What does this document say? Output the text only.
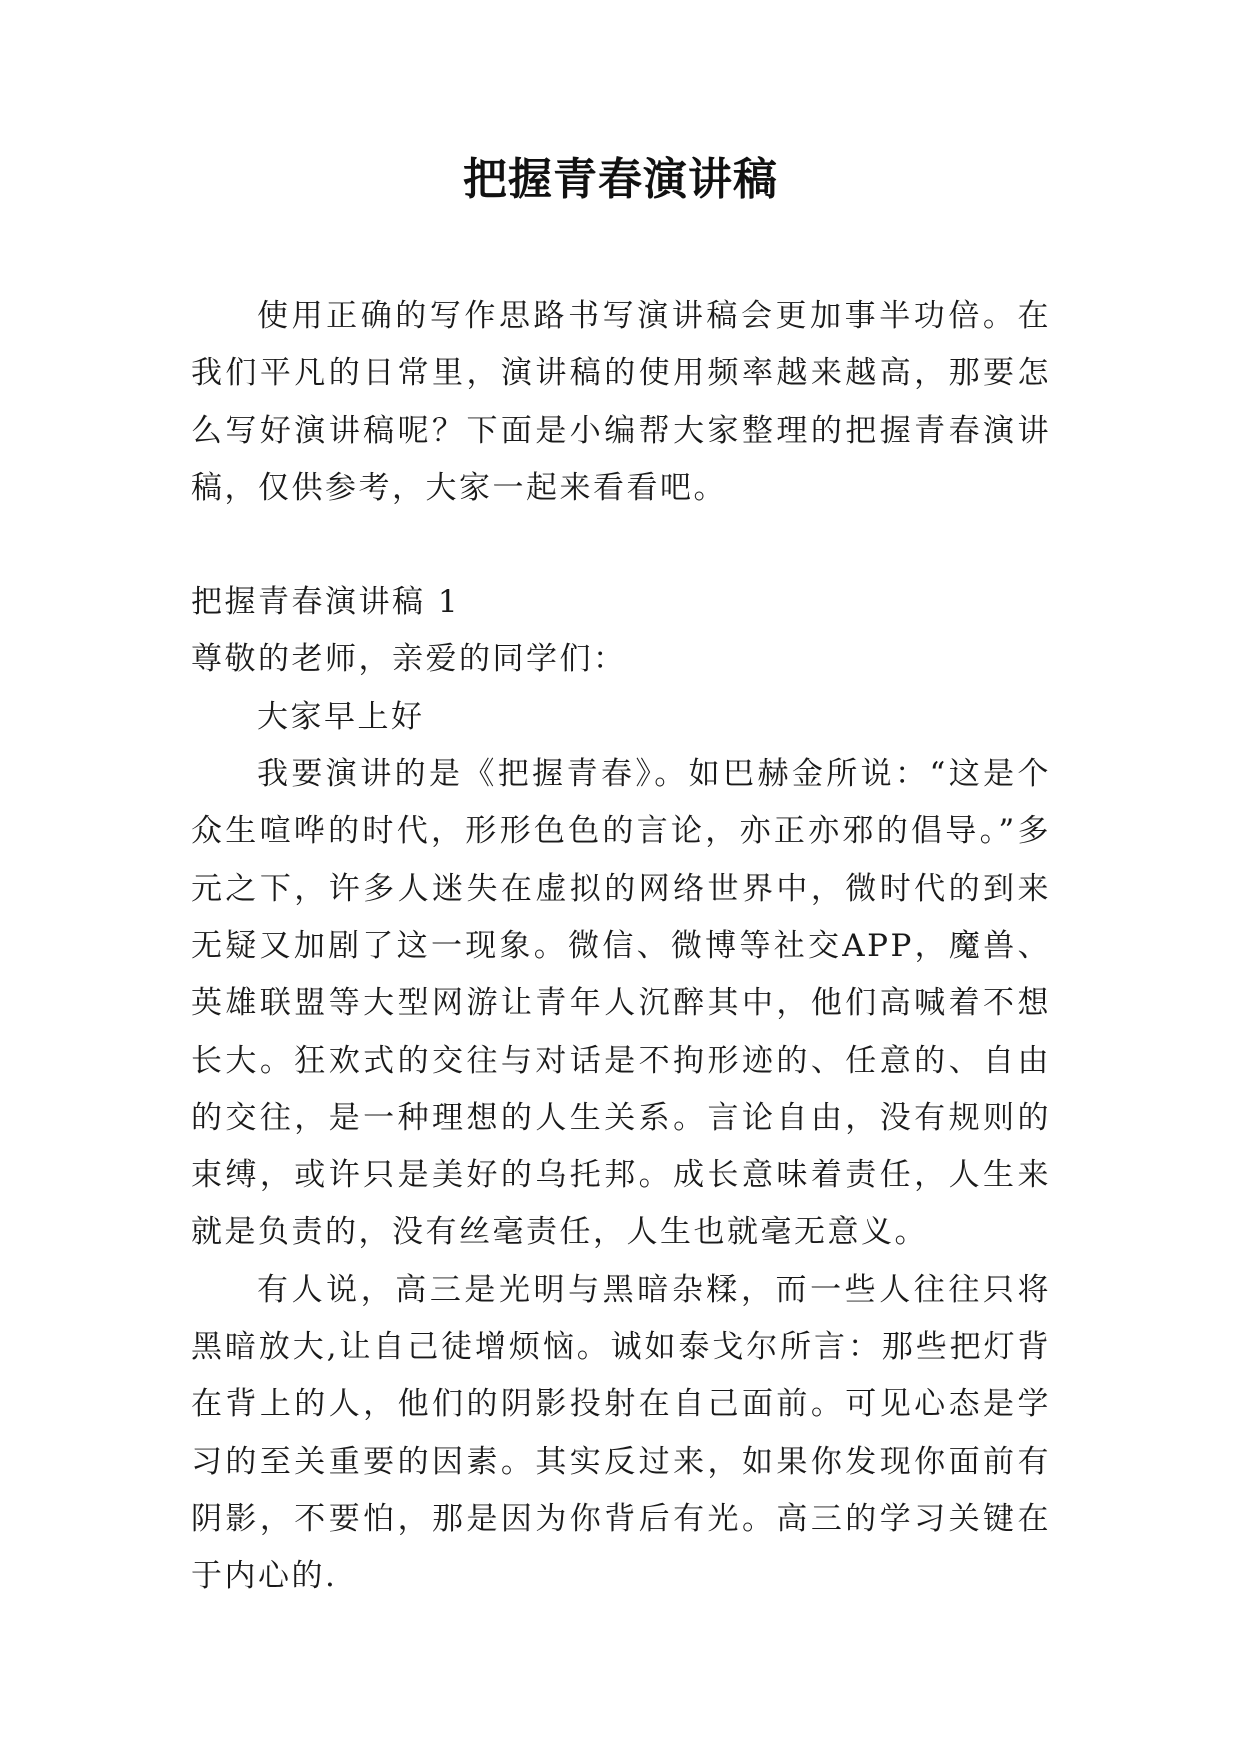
把握青春演讲稿

使用正确的写作思路书写演讲稿会更加事半功倍。在我们平凡的日常里，演讲稿的使用频率越来越高，那要怎么写好演讲稿呢？下面是小编帮大家整理的把握青春演讲稿，仅供参考，大家一起来看看吧。

把握青春演讲稿 1

尊敬的老师，亲爱的同学们：

大家早上好

我要演讲的是《把握青春》。如巴赫金所说：“这是个众生喧哗的时代，形形色色的言论，亦正亦邪的倡导。”多元之下，许多人迷失在虚拟的网络世界中，微时代的到来无疑又加剧了这一现象。微信、微博等社交APP，魔兽、英雄联盟等大型网游让青年人沉醉其中，他们高喊着不想长大。狂欢式的交往与对话是不拘形迹的、任意的、自由的交往，是一种理想的人生关系。言论自由，没有规则的束缚，或许只是美好的乌托邦。成长意味着责任，人生来就是负责的，没有丝毫责任，人生也就毫无意义。

有人说，高三是光明与黑暗杂糅，而一些人往往只将黑暗放大,让自己徒增烦恼。诚如泰戈尔所言：那些把灯背在背上的人，他们的阴影投射在自己面前。可见心态是学习的至关重要的因素。其实反过来，如果你发现你面前有阴影，不要怕，那是因为你背后有光。高三的学习关键在于内心的.
